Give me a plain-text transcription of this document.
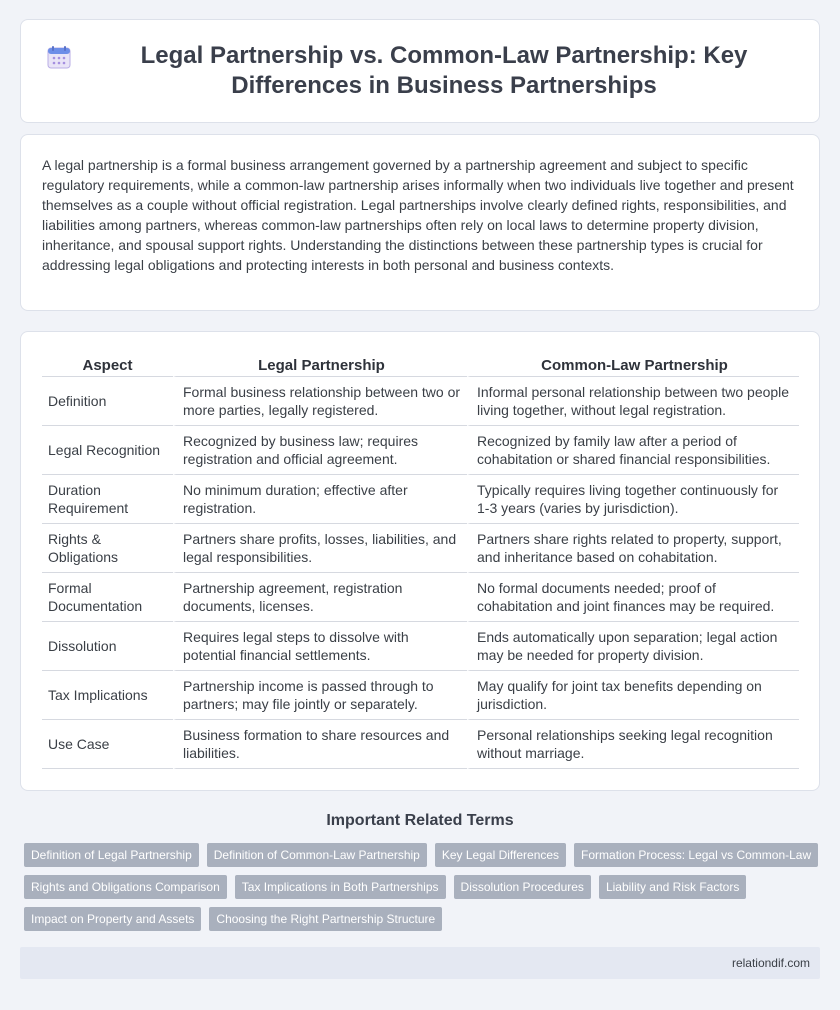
Legal Partnership vs. Common-Law Partnership: Key Differences in Business Partnerships

A legal partnership is a formal business arrangement governed by a partnership agreement and subject to specific regulatory requirements, while a common-law partnership arises informally when two individuals live together and present themselves as a couple without official registration. Legal partnerships involve clearly defined rights, responsibilities, and liabilities among partners, whereas common-law partnerships often rely on local laws to determine property division, inheritance, and spousal support rights. Understanding the distinctions between these partnership types is crucial for addressing legal obligations and protecting interests in both personal and business contexts.

Aspect	Legal Partnership	Common-Law Partnership
Definition	Formal business relationship between two or more parties, legally registered.	Informal personal relationship between two people living together, without legal registration.
Legal Recognition	Recognized by business law; requires registration and official agreement.	Recognized by family law after a period of cohabitation or shared financial responsibilities.
Duration Requirement	No minimum duration; effective after registration.	Typically requires living together continuously for 1-3 years (varies by jurisdiction).
Rights & Obligations	Partners share profits, losses, liabilities, and legal responsibilities.	Partners share rights related to property, support, and inheritance based on cohabitation.
Formal Documentation	Partnership agreement, registration documents, licenses.	No formal documents needed; proof of cohabitation and joint finances may be required.
Dissolution	Requires legal steps to dissolve with potential financial settlements.	Ends automatically upon separation; legal action may be needed for property division.
Tax Implications	Partnership income is passed through to partners; may file jointly or separately.	May qualify for joint tax benefits depending on jurisdiction.
Use Case	Business formation to share resources and liabilities.	Personal relationships seeking legal recognition without marriage.
Important Related Terms
Definition of Legal Partnership	Definition of Common-Law Partnership	Key Legal Differences	Formation Process: Legal vs Common-Law
Rights and Obligations Comparison	Tax Implications in Both Partnerships	Dissolution Procedures	Liability and Risk Factors
Impact on Property and Assets	Choosing the Right Partnership Structure
relationdif.com
